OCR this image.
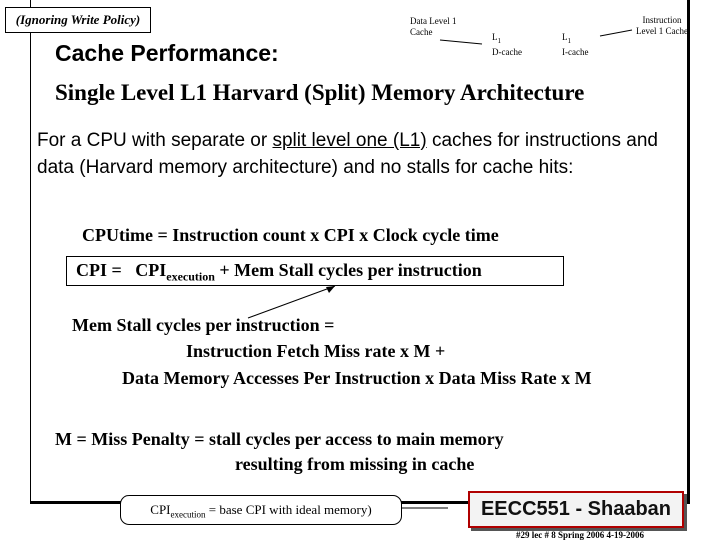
(Ignoring Write Policy)	Data Level 1 Cache	$L_1$
D-cache
$L_1$
I-cache
Instruction Level 1 Cache
Cache Performance:
Single Level L1 Harvard (Split) Memory Architecture
For a CPU with separate or split level one (L1) caches for instructions and data (Harvard memory architecture) and no stalls for cache hits:
CPUtime = Instruction count x CPI x Clock cycle time
CPI = $CPI_{execution}$ + Mem Stall cycles per instruction
Mem Stall cycles per instruction =
Instruction Fetch Miss rate x M +
Data Memory Accesses Per Instruction x Data Miss Rate x M
M = Miss Penalty = stall cycles per access to main memory
resulting from missing in cache
$CPI_{execution}$ = base CPI with ideal memory)	EECC551 - Shaaban
#29 lec # 8 Spring 2006 4-19-2006
